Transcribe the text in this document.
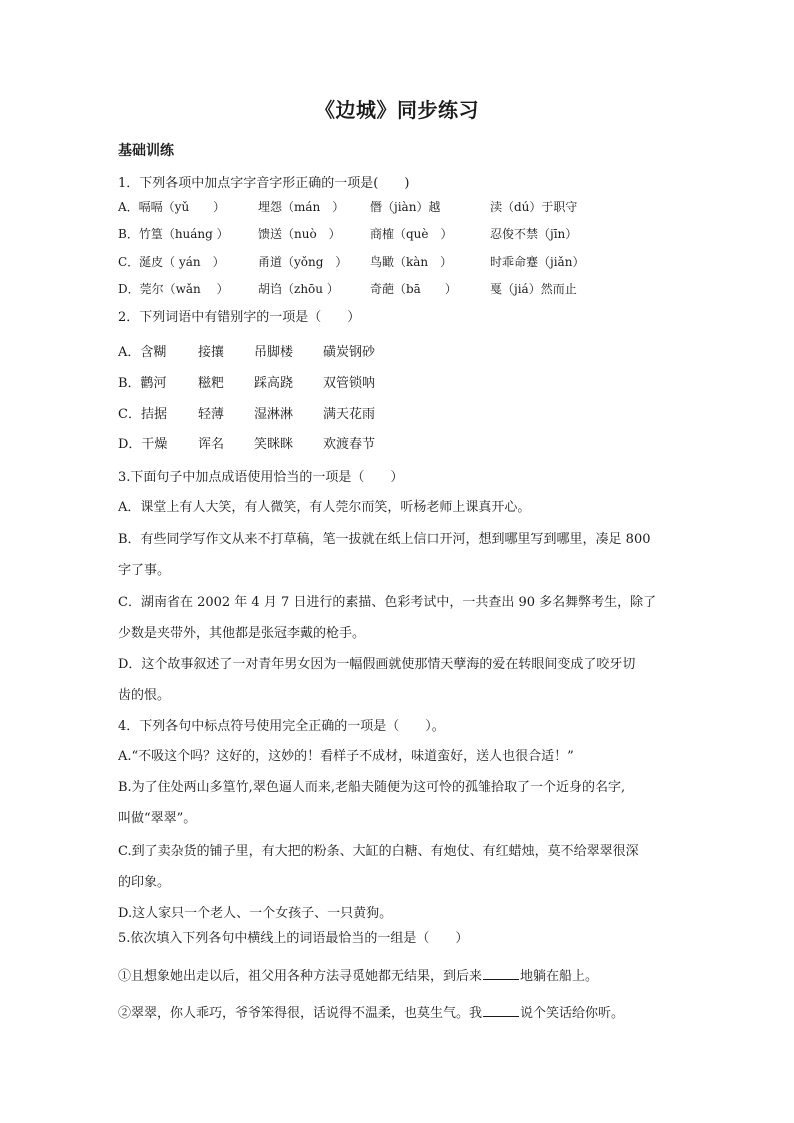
《边城》同步练习
基础训练
1．下列各项中加点字字音字形正确的一项是(　　)
A．嗝嗝（yǔ　　）	埋怨（mán　） 僭（jiàn）越	渎（dú）于职守
B．竹篁（huáng ） 馈送（nuò　） 商榷（què　）	忍俊不禁（jīn）
C．涎皮（ yán　）	甬道（yǒng　） 鸟瞰（kàn　）	时乖命蹇（jiǎn）
D．莞尔（wǎn　 ） 胡诌（zhōu ）	奇葩（bā　　）	戛（jiá）然而止
2．下列词语中有错别字的一项是（　　）
A．含糊 接攘 吊脚楼 磺炭钢砂
B．鹳河 糍粑 踩高跷 双管锁呐
C．拮据 轻薄 湿淋淋 满天花雨
D．干燥 诨名 笑眯眯 欢渡春节
3.下面句子中加点成语使用恰当的一项是（　　）
A．课堂上有人大笑，有人微笑，有人莞尔而笑，听杨老师上课真开心。
B．有些同学写作文从来不打草稿，笔一拔就在纸上信口开河，想到哪里写到哪里，凑足 800
字了事。
C．湖南省在 2002 年 4 月 7 日进行的素描、色彩考试中，一共查出 90 多名舞弊考生，除了
少数是夹带外，其他都是张冠李戴的枪手。
D．这个故事叙述了一对青年男女因为一幅假画就使那情天孽海的爱在转眼间变成了咬牙切
齿的恨。
4．下列各句中标点符号使用完全正确的一项是（　　）。
A.“不吸这个吗？这好的，这妙的！看样子不成材，味道蛮好，送人也很合适！”
B.为了住处两山多篁竹,翠色逼人而来,老船夫随便为这可怜的孤雏拾取了一个近身的名字,
叫做“翠翠”。
C.到了卖杂货的铺子里，有大把的粉条、大缸的白糖、有炮仗、有红蜡烛，莫不给翠翠很深
的印象。
D.这人家只一个老人、一个女孩子、一只黄狗。
5.依次填入下列各句中横线上的词语最恰当的一组是（　　）
①且想象她出走以后，祖父用各种方法寻觅她都无结果，到后来	地躺在船上。
②翠翠，你人乖巧，爷爷笨得很，话说得不温柔，也莫生气。我	说个笑话给你听。
